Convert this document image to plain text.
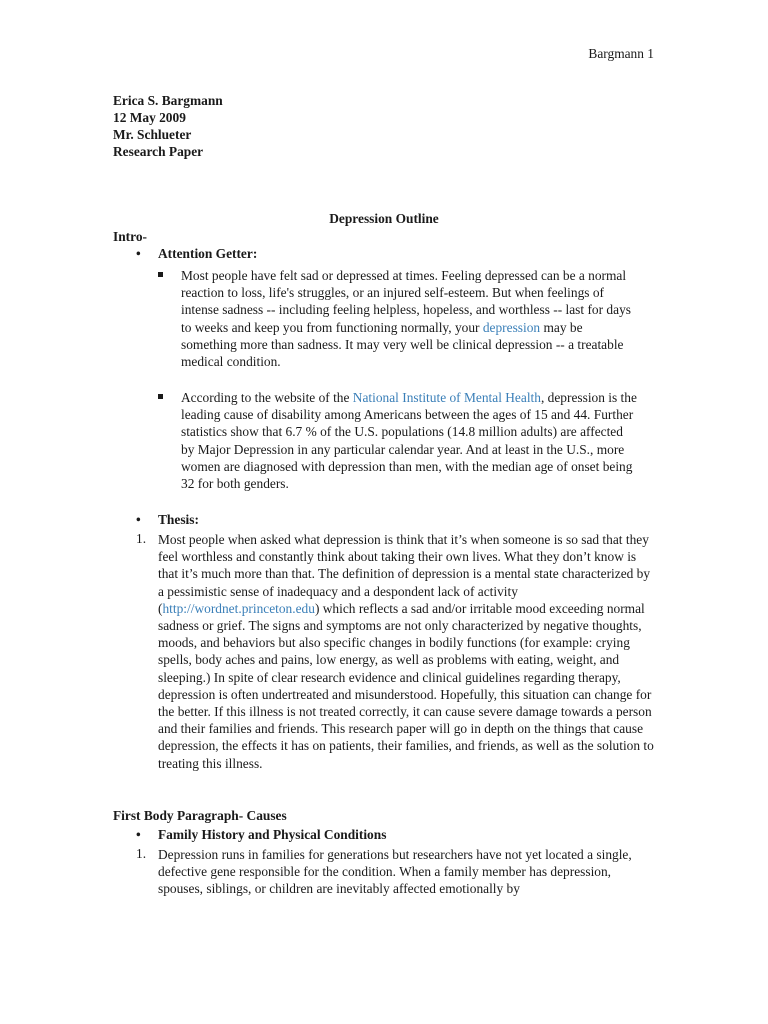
Bargmann 1
Erica S. Bargmann
12 May 2009
Mr. Schlueter
Research Paper
Depression Outline
Intro-
• Attention Getter:
Most people have felt sad or depressed at times. Feeling depressed can be a normal reaction to loss, life's struggles, or an injured self-esteem. But when feelings of intense sadness -- including feeling helpless, hopeless, and worthless -- last for days to weeks and keep you from functioning normally, your depression may be something more than sadness. It may very well be clinical depression -- a treatable medical condition.
According to the website of the National Institute of Mental Health, depression is the leading cause of disability among Americans between the ages of 15 and 44. Further statistics show that 6.7 % of the U.S. populations (14.8 million adults) are affected by Major Depression in any particular calendar year. And at least in the U.S., more women are diagnosed with depression than men, with the median age of onset being 32 for both genders.
• Thesis:
1. Most people when asked what depression is think that it’s when someone is so sad that they feel worthless and constantly think about taking their own lives. What they don’t know is that it’s much more than that. The definition of depression is a mental state characterized by a pessimistic sense of inadequacy and a despondent lack of activity (http://wordnet.princeton.edu) which reflects a sad and/or irritable mood exceeding normal sadness or grief. The signs and symptoms are not only characterized by negative thoughts, moods, and behaviors but also specific changes in bodily functions (for example: crying spells, body aches and pains, low energy, as well as problems with eating, weight, and sleeping.) In spite of clear research evidence and clinical guidelines regarding therapy, depression is often undertreated and misunderstood. Hopefully, this situation can change for the better. If this illness is not treated correctly, it can cause severe damage towards a person and their families and friends. This research paper will go in depth on the things that cause depression, the effects it has on patients, their families, and friends, as well as the solution to treating this illness.
First Body Paragraph- Causes
• Family History and Physical Conditions
1. Depression runs in families for generations but researchers have not yet located a single, defective gene responsible for the condition. When a family member has depression, spouses, siblings, or children are inevitably affected emotionally by
